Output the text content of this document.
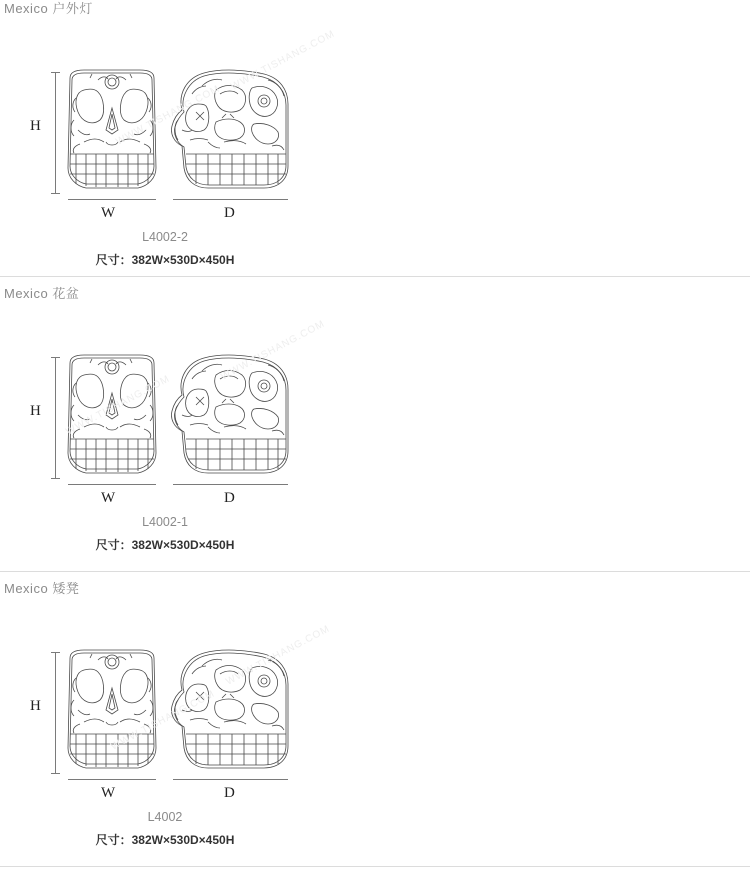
Mexico 户外灯
H
W	D
L4002-2
尺寸：382W×530D×450H
Mexico 花盆
H
W	D
L4002-1
尺寸：382W×530D×450H
Mexico 矮凳
H
W	D
L4002
尺寸：382W×530D×450H
WWW.TISHANG.COM
WWW.TISHANG.COM
WWW.TISHANG.COM
WWW.TISHANG.COM
WWW.TISHANG.COM
WWW.TISHANG.COM
